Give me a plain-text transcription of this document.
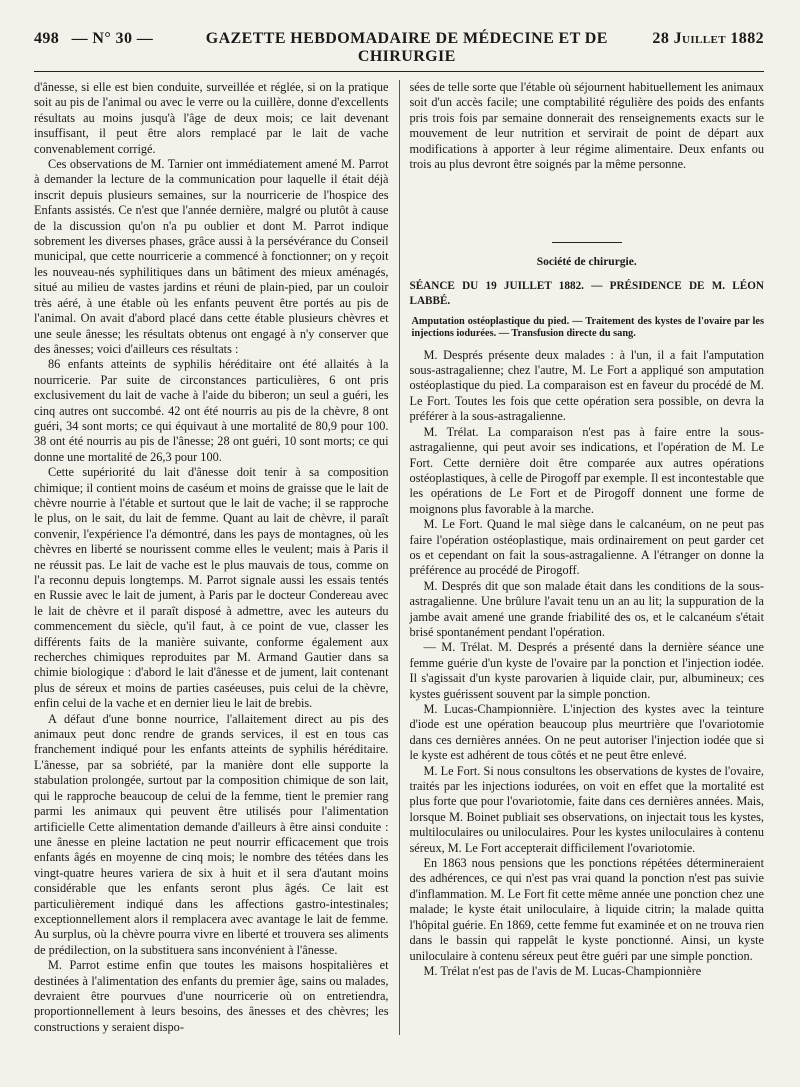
498 — N° 30 —	GAZETTE HEBDOMADAIRE DE MÉDECINE ET DE CHIRURGIE
28 Juillet 1882

d'ânesse, si elle est bien conduite, surveillée et réglée, si on la pratique soit au pis de l'animal ou avec le verre ou la cuillère, donne d'excellents résultats au moins jusqu'à l'âge de deux mois; ce lait devenant insuffisant, il peut être alors remplacé par le lait de vache convenablement corrigé.

Ces observations de M. Tarnier ont immédiatement amené M. Parrot à demander la lecture de la communication pour laquelle il était déjà inscrit depuis plusieurs semaines, sur la nourricerie de l'hospice des Enfants assistés. Ce n'est que l'année dernière, malgré ou plutôt à cause de la discussion qu'on n'a pu oublier et dont M. Parrot indique sobrement les diverses phases, grâce aussi à la persévérance du Conseil municipal, que cette nourricerie a commencé à fonctionner; on y reçoit les nouveau-nés syphilitiques dans un bâtiment des mieux aménagés, situé au milieu de vastes jardins et réuni de plain-pied, par un couloir très aéré, à une étable où les enfants peuvent être portés au pis de l'animal. On avait d'abord placé dans cette étable plusieurs chèvres et une seule ânesse; les résultats obtenus ont engagé à n'y conserver que des ânesses; voici d'ailleurs ces résultats :

86 enfants atteints de syphilis héréditaire ont été allaités à la nourricerie. Par suite de circonstances particulières, 6 ont pris exclusivement du lait de vache à l'aide du biberon; un seul a guéri, les cinq autres ont succombé. 42 ont été nourris au pis de la chèvre, 8 ont guéri, 34 sont morts; ce qui équivaut à une mortalité de 80,9 pour 100. 38 ont été nourris au pis de l'ânesse; 28 ont guéri, 10 sont morts; ce qui donne une mortalité de 26,3 pour 100.

Cette supériorité du lait d'ânesse doit tenir à sa composition chimique; il contient moins de caséum et moins de graisse que le lait de chèvre nourrie à l'étable et surtout que le lait de vache; il se rapproche le plus, on le sait, du lait de femme. Quant au lait de chèvre, il paraît convenir, l'expérience l'a démontré, dans les pays de montagnes, où les chèvres en liberté se nourissent comme elles le veulent; mais à Paris il ne réussit pas. Le lait de vache est le plus mauvais de tous, comme on l'a reconnu depuis longtemps. M. Parrot signale aussi les essais tentés en Russie avec le lait de jument, à Paris par le docteur Condereau avec le lait de chèvre et il paraît disposé à admettre, avec les auteurs du commencement du siècle, qu'il faut, à ce point de vue, classer les différents faits de la manière suivante, conforme également aux recherches chimiques reproduites par M. Armand Gautier dans sa chimie biologique : d'abord le lait d'ânesse et de jument, lait contenant plus de séreux et moins de parties caséeuses, puis celui de la chèvre, enfin celui de la vache et en dernier lieu le lait de brebis.

A défaut d'une bonne nourrice, l'allaitement direct au pis des animaux peut donc rendre de grands services, il est en tous cas franchement indiqué pour les enfants atteints de syphilis héréditaire. L'ânesse, par sa sobriété, par la manière dont elle supporte la stabulation prolongée, surtout par la composition chimique de son lait, qui le rapproche beaucoup de celui de la femme, tient le premier rang parmi les animaux qui peuvent être utilisés pour l'alimentation artificielle Cette alimentation demande d'ailleurs à être ainsi conduite : une ânesse en pleine lactation ne peut nourrir efficacement que trois enfants âgés en moyenne de cinq mois; le nombre des tétées dans les vingt-quatre heures variera de six à huit et il sera d'autant moins considérable que les enfants seront plus âgés. Ce lait est particulièrement indiqué dans les affections gastro-intestinales; exceptionnellement alors il remplacera avec avantage le lait de femme. Au surplus, où la chèvre pourra vivre en liberté et trouvera ses aliments de prédilection, on la substituera sans inconvénient à l'ânesse.

M. Parrot estime enfin que toutes les maisons hospitalières et destinées à l'alimentation des enfants du premier âge, sains ou malades, devraient être pourvues d'une nourricerie où on entretiendra, proportionnellement à leurs besoins, des ânesses et des chèvres; les constructions y seraient dispo-

sées de telle sorte que l'étable où séjournent habituellement les animaux soit d'un accès facile; une comptabilité régulière des poids des enfants pris trois fois par semaine donnerait des renseignements exacts sur le mouvement de leur nutrition et servirait de point de départ aux modifications à apporter à leur régime alimentaire. Deux enfants ou trois au plus devront être soignés par la même personne.

Société de chirurgie.

SÉANCE DU 19 JUILLET 1882. — PRÉSIDENCE DE M. LÉON LABBÉ.

Amputation ostéoplastique du pied. — Traitement des kystes de l'ovaire par les injections iodurées. — Transfusion directe du sang.

M. Després présente deux malades : à l'un, il a fait l'amputation sous-astragalienne; chez l'autre, M. Le Fort a appliqué son amputation ostéoplastique du pied. La comparaison est en faveur du procédé de M. Le Fort. Toutes les fois que cette opération sera possible, on devra la préférer à la sous-astragalienne.

M. Trélat. La comparaison n'est pas à faire entre la sous-astragalienne, qui peut avoir ses indications, et l'opération de M. Le Fort. Cette dernière doit être comparée aux autres opérations ostéoplastiques, à celle de Pirogoff par exemple. Il est incontestable que les opérations de Le Fort et de Pirogoff donnent une forme de moignons plus favorable à la marche.

M. Le Fort. Quand le mal siège dans le calcanéum, on ne peut pas faire l'opération ostéoplastique, mais ordinairement on peut garder cet os et cependant on fait la sous-astragalienne. A l'étranger on donne la préférence au procédé de Pirogoff.

M. Després dit que son malade était dans les conditions de la sous-astragalienne. Une brûlure l'avait tenu un an au lit; la suppuration de la jambe avait amené une grande friabilité des os, et le calcanéum s'était brisé spontanément pendant l'opération.

— M. Trélat. M. Després a présenté dans la dernière séance une femme guérie d'un kyste de l'ovaire par la ponction et l'injection iodée. Il s'agissait d'un kyste parovarien à liquide clair, pur, albumineux; ces kystes guérissent souvent par la simple ponction.

M. Lucas-Championnière. L'injection des kystes avec la teinture d'iode est une opération beaucoup plus meurtrière que l'ovariotomie dans ces dernières années. On ne peut autoriser l'injection iodée que si le kyste est adhérent de tous côtés et ne peut être enlevé.

M. Le Fort. Si nous consultons les observations de kystes de l'ovaire, traités par les injections iodurées, on voit en effet que la mortalité est plus forte que pour l'ovariotomie, faite dans ces dernières années. Mais, lorsque M. Boinet publiait ses observations, on injectait tous les kystes, multiloculaires ou uniloculaires. Pour les kystes uniloculaires à contenu séreux, M. Le Fort accepterait difficilement l'ovariotomie.

En 1863 nous pensions que les ponctions répétées détermineraient des adhérences, ce qui n'est pas vrai quand la ponction n'est pas suivie d'inflammation. M. Le Fort fit cette même année une ponction chez une malade; le kyste était uniloculaire, à liquide citrin; la malade quitta l'hôpital guérie. En 1869, cette femme fut examinée et on ne trouva rien dans le bassin qui rappelât le kyste ponctionné. Ainsi, un kyste uniloculaire à contenu séreux peut être guéri par une simple ponction.

M. Trélat n'est pas de l'avis de M. Lucas-Championnière
